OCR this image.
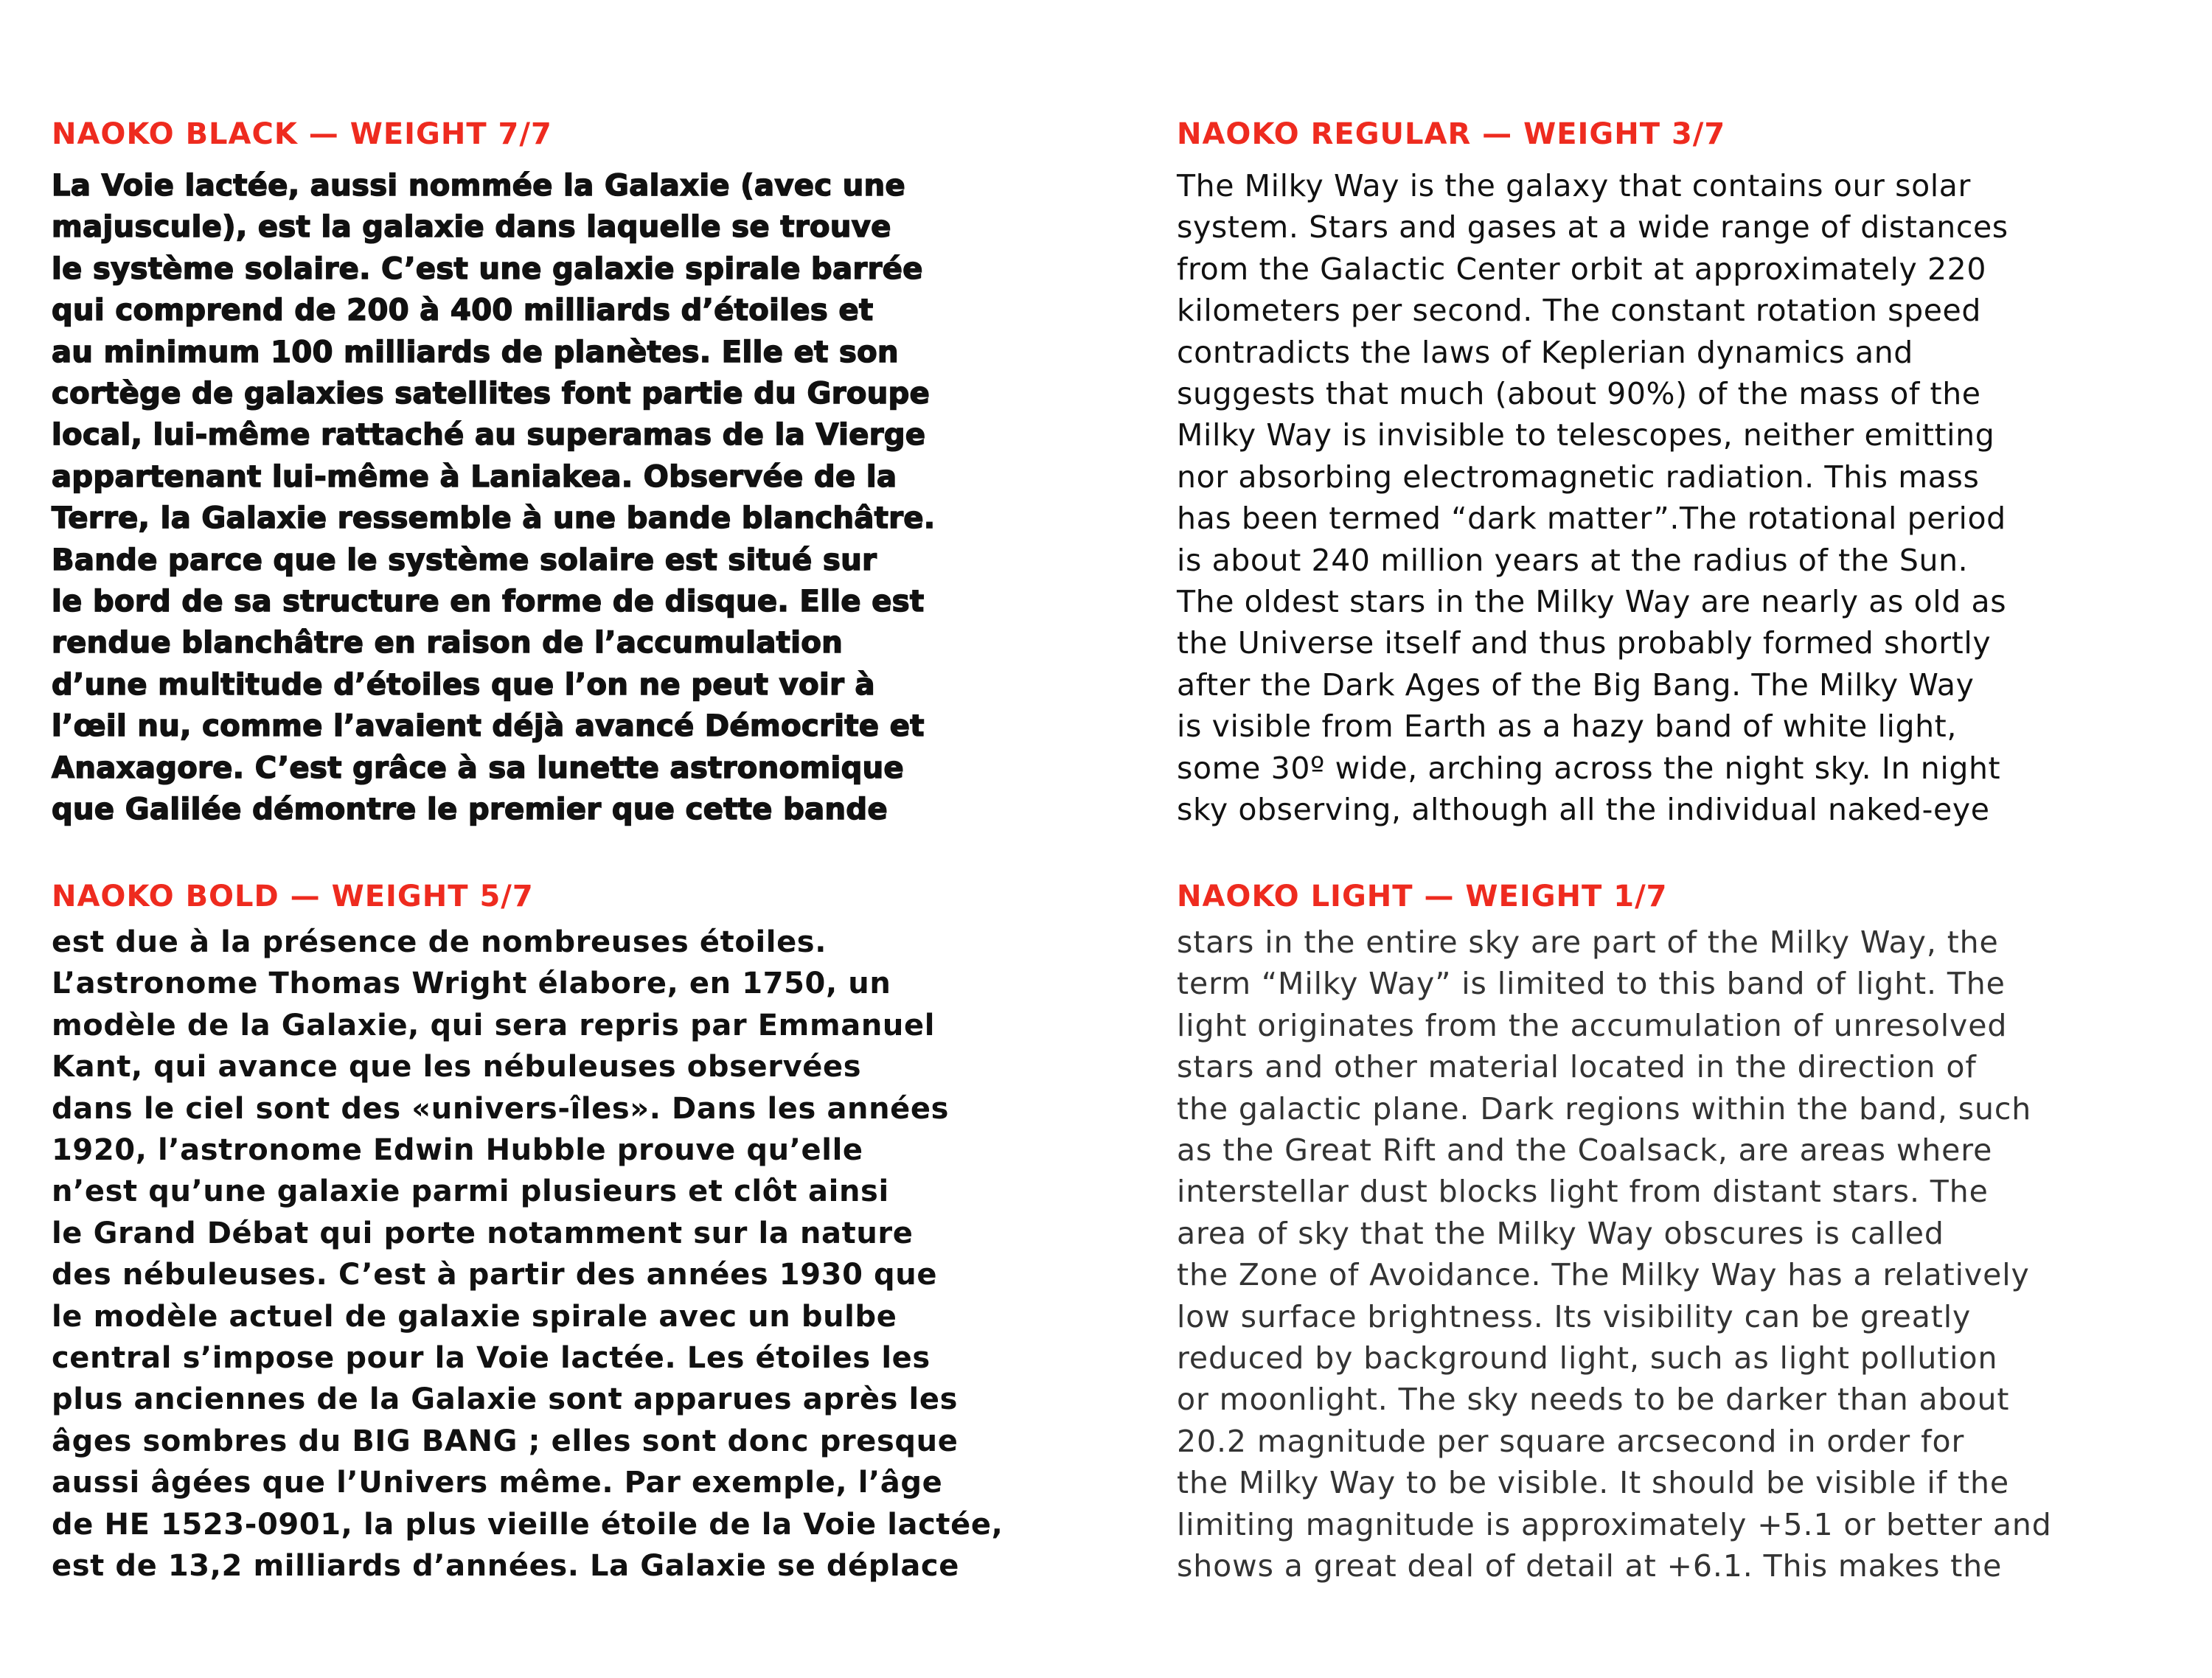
NAOKO BLACK — WEIGHT 7/7
La Voie lactée, aussi nommée la Galaxie (avec une
majuscule), est la galaxie dans laquelle se trouve
le système solaire. C’est une galaxie spirale barrée
qui comprend de 200 à 400 milliards d’étoiles et
au minimum 100 milliards de planètes. Elle et son
cortège de galaxies satellites font partie du Groupe
local, lui-même rattaché au superamas de la Vierge
appartenant lui-même à Laniakea. Observée de la
Terre, la Galaxie ressemble à une bande blanchâtre.
Bande parce que le système solaire est situé sur
le bord de sa structure en forme de disque. Elle est
rendue blanchâtre en raison de l’accumulation
d’une multitude d’étoiles que l’on ne peut voir à
l’œil nu, comme l’avaient déjà avancé Démocrite et
Anaxagore. C’est grâce à sa lunette astronomique
que Galilée démontre le premier que cette bande
NAOKO REGULAR — WEIGHT 3/7
The Milky Way is the galaxy that contains our solar
system. Stars and gases at a wide range of distances
from the Galactic Center orbit at approximately 220
kilometers per second. The constant rotation speed
contradicts the laws of Keplerian dynamics and
suggests that much (about 90%) of the mass of the
Milky Way is invisible to telescopes, neither emitting
nor absorbing electromagnetic radiation. This mass
has been termed “dark matter”.The rotational period
is about 240 million years at the radius of the Sun.
The oldest stars in the Milky Way are nearly as old as
the Universe itself and thus probably formed shortly
after the Dark Ages of the Big Bang. The Milky Way
is visible from Earth as a hazy band of white light,
some 30º wide, arching across the night sky. In night
sky observing, although all the individual naked-eye
NAOKO BOLD — WEIGHT 5/7
est due à la présence de nombreuses étoiles.
L’astronome Thomas Wright élabore, en 1750, un
modèle de la Galaxie, qui sera repris par Emmanuel
Kant, qui avance que les nébuleuses observées
dans le ciel sont des «univers-îles». Dans les années
1920, l’astronome Edwin Hubble prouve qu’elle
n’est qu’une galaxie parmi plusieurs et clôt ainsi
le Grand Débat qui porte notamment sur la nature
des nébuleuses. C’est à partir des années 1930 que
le modèle actuel de galaxie spirale avec un bulbe
central s’impose pour la Voie lactée. Les étoiles les
plus anciennes de la Galaxie sont apparues après les
âges sombres du BIG BANG ; elles sont donc presque
aussi âgées que l’Univers même. Par exemple, l’âge
de HE 1523-0901, la plus vieille étoile de la Voie lactée,
est de 13,2 milliards d’années. La Galaxie se déplace
NAOKO LIGHT — WEIGHT 1/7
stars in the entire sky are part of the Milky Way, the
term “Milky Way” is limited to this band of light. The
light originates from the accumulation of unresolved
stars and other material located in the direction of
the galactic plane. Dark regions within the band, such
as the Great Rift and the Coalsack, are areas where
interstellar dust blocks light from distant stars. The
area of sky that the Milky Way obscures is called
the Zone of Avoidance. The Milky Way has a relatively
low surface brightness. Its visibility can be greatly
reduced by background light, such as light pollution
or moonlight. The sky needs to be darker than about
20.2 magnitude per square arcsecond in order for
the Milky Way to be visible. It should be visible if the
limiting magnitude is approximately +5.1 or better and
shows a great deal of detail at +6.1. This makes the
